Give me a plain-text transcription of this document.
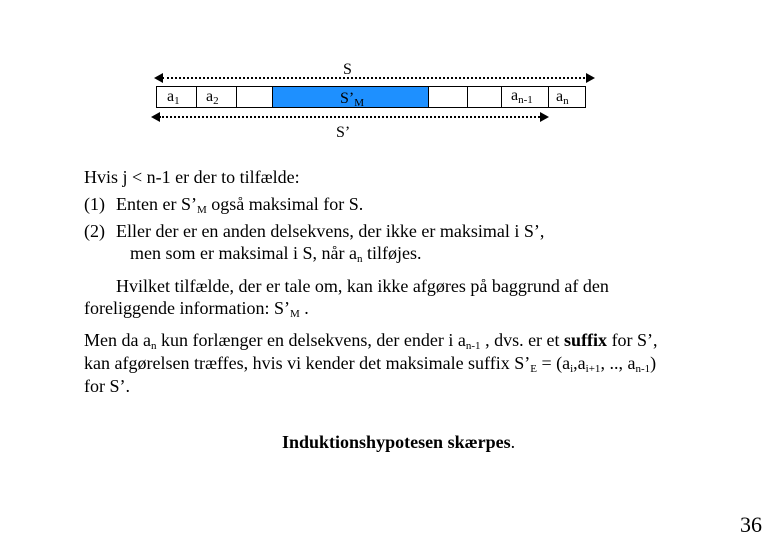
S
$a_1$ $a_2$	$S’_M$	$a_{n-1}$ $a_n$
S’
Hvis j < n-1 er der to tilfælde:
(1) Enten er $S’_M$ også maksimal for S.
(2) Eller der er en anden delsekvens, der ikke er maksimal i S’,
men som er maksimal i S, når $a_n$ tilføjes.
Hvilket tilfælde, der er tale om, kan ikke afgøres på baggrund af den
foreliggende information: $S’_M$ .
Men da $a_n$ kun forlænger en delsekvens, der ender i $a_{n-1}$ , dvs. er et suffix for S’,
kan afgørelsen træffes, hvis vi kender det maksimale suffix $S’_E = (a_i,a_{i+1}$, .., $a_{n-1}$)
for S’.
Induktionshypotesen skærpes.
36
